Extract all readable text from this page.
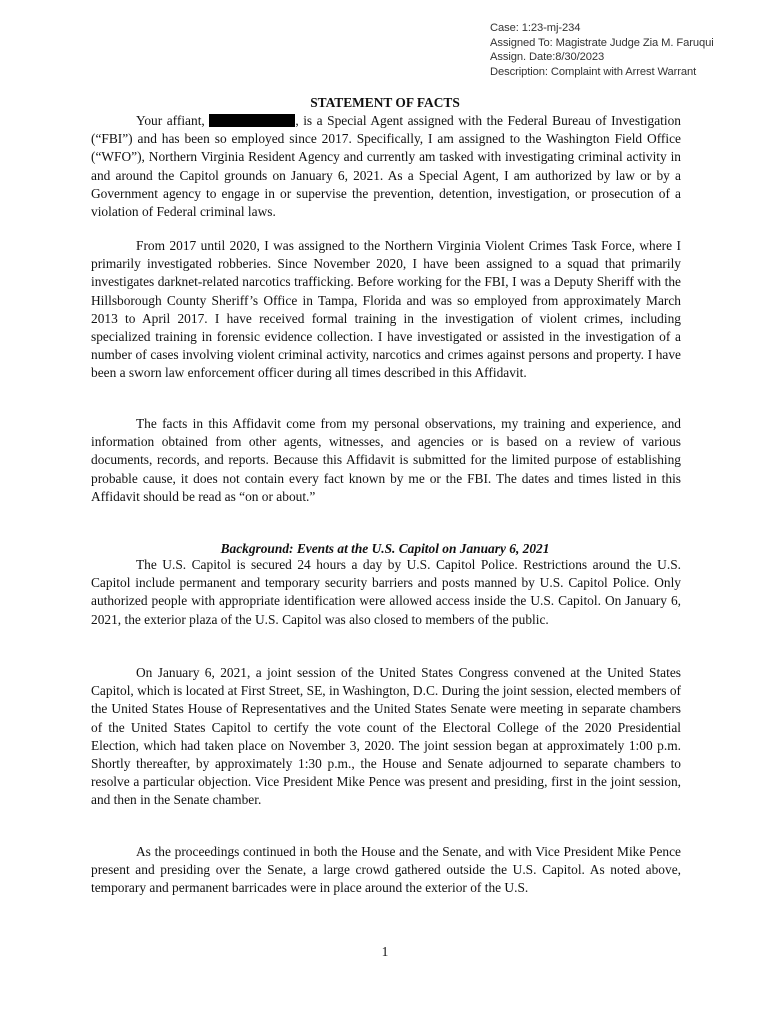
Case: 1:23-mj-234
Assigned To: Magistrate Judge Zia M. Faruqui
Assign. Date:8/30/2023
Description: Complaint with Arrest Warrant
STATEMENT OF FACTS

Your affiant,	, is a Special Agent assigned with the Federal Bureau of Investigation (“FBI”) and has been so employed since 2017. Specifically, I am assigned to the Washington Field Office (“WFO”), Northern Virginia Resident Agency and currently am tasked with investigating criminal activity in and around the Capitol grounds on January 6, 2021. As a Special Agent, I am authorized by law or by a Government agency to engage in or supervise the prevention, detention, investigation, or prosecution of a violation of Federal criminal laws.

From 2017 until 2020, I was assigned to the Northern Virginia Violent Crimes Task Force, where I primarily investigated robberies. Since November 2020, I have been assigned to a squad that primarily investigates darknet-related narcotics trafficking. Before working for the FBI, I was a Deputy Sheriff with the Hillsborough County Sheriff’s Office in Tampa, Florida and was so employed from approximately March 2013 to April 2017. I have received formal training in the investigation of violent crimes, including specialized training in forensic evidence collection. I have investigated or assisted in the investigation of a number of cases involving violent criminal activity, narcotics and crimes against persons and property. I have been a sworn law enforcement officer during all times described in this Affidavit.

The facts in this Affidavit come from my personal observations, my training and experience, and information obtained from other agents, witnesses, and agencies or is based on a review of various documents, records, and reports. Because this Affidavit is submitted for the limited purpose of establishing probable cause, it does not contain every fact known by me or the FBI. The dates and times listed in this Affidavit should be read as “on or about.”

Background: Events at the U.S. Capitol on January 6, 2021

The U.S. Capitol is secured 24 hours a day by U.S. Capitol Police. Restrictions around the U.S. Capitol include permanent and temporary security barriers and posts manned by U.S. Capitol Police. Only authorized people with appropriate identification were allowed access inside the U.S. Capitol. On January 6, 2021, the exterior plaza of the U.S. Capitol was also closed to members of the public.

On January 6, 2021, a joint session of the United States Congress convened at the United States Capitol, which is located at First Street, SE, in Washington, D.C. During the joint session, elected members of the United States House of Representatives and the United States Senate were meeting in separate chambers of the United States Capitol to certify the vote count of the Electoral College of the 2020 Presidential Election, which had taken place on November 3, 2020. The joint session began at approximately 1:00 p.m. Shortly thereafter, by approximately 1:30 p.m., the House and Senate adjourned to separate chambers to resolve a particular objection. Vice President Mike Pence was present and presiding, first in the joint session, and then in the Senate chamber.

As the proceedings continued in both the House and the Senate, and with Vice President Mike Pence present and presiding over the Senate, a large crowd gathered outside the U.S. Capitol. As noted above, temporary and permanent barricades were in place around the exterior of the U.S.

1
